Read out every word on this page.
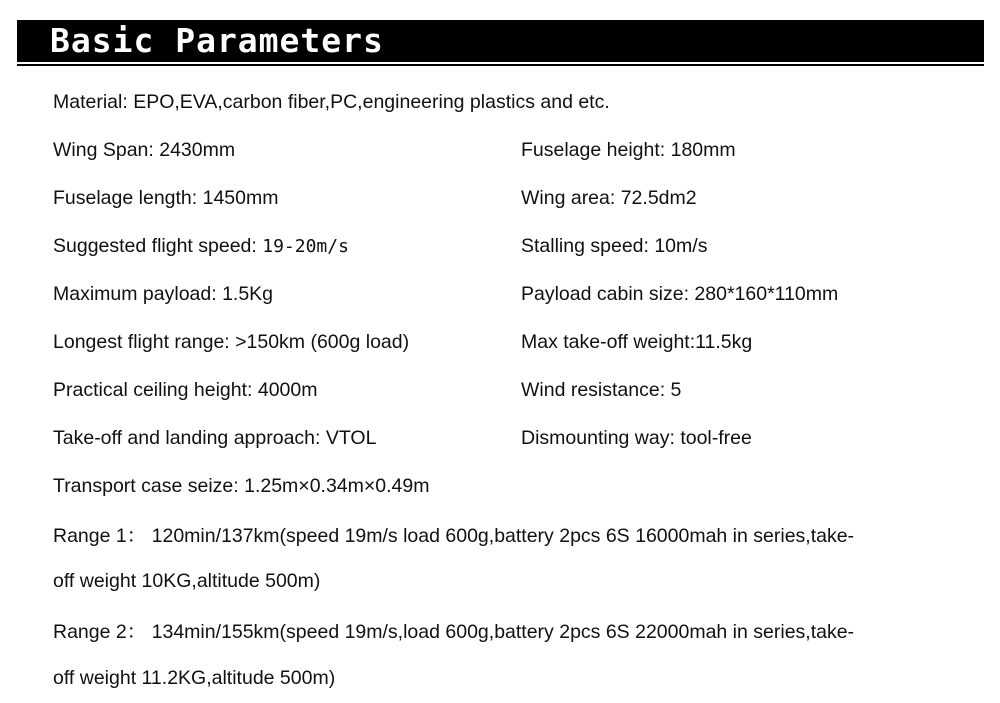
Basic Parameters
Material: EPO,EVA,carbon fiber,PC,engineering plastics and etc.
Wing Span: 2430mm	Fuselage height: 180mm
Fuselage length: 1450mm	Wing area: 72.5dm2
Suggested flight speed: 19-20m/s	Stalling speed: 10m/s
Maximum payload: 1.5Kg	Payload cabin size: 280*160*110mm
Longest flight range: >150km (600g load)	Max take-off weight:11.5kg
Practical ceiling height: 4000m	Wind resistance: 5
Take-off and landing approach: VTOL	Dismounting way: tool-free
Transport case seize: 1.25m×0.34m×0.49m
Range 1： 120min/137km(speed 19m/s load 600g,battery 2pcs 6S 16000mah in series,take-
off weight 10KG,altitude 500m)
Range 2： 134min/155km(speed 19m/s,load 600g,battery 2pcs 6S 22000mah in series,take-
off weight 11.2KG,altitude 500m)
